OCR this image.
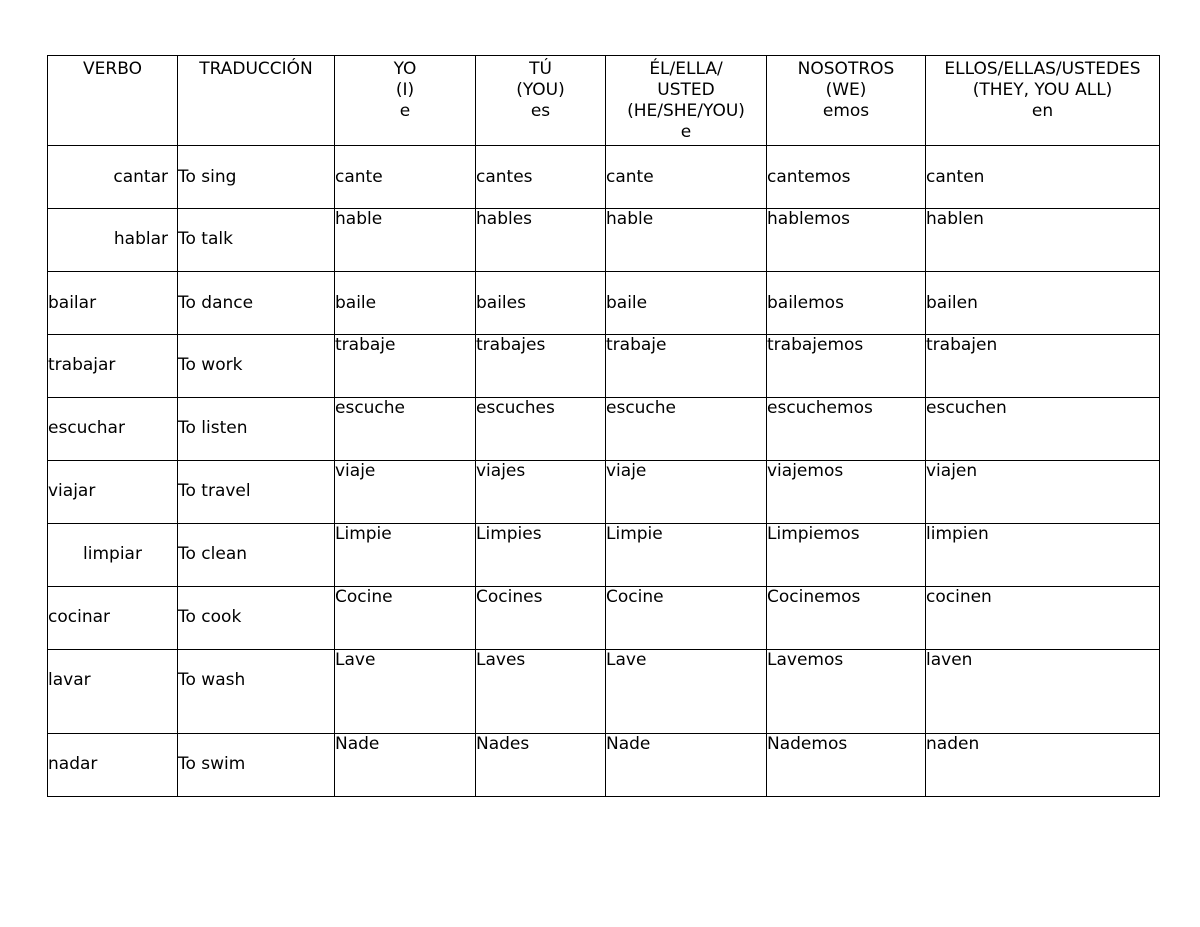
VERBO	TRADUCCIÓN	YO
(I)
e	TÚ
(YOU)
es	ÉL/ELLA/
USTED
(HE/SHE/YOU)
e	NOSOTROS
(WE)
emos	ELLOS/ELLAS/USTEDES
(THEY, YOU ALL)
en

cantar	To sing	cante	cantes	cante	cantemos	canten

hablar	To talk	hable	hables	hable	hablemos	hablen
bailar	To dance	baile	bailes	baile	bailemos	bailen

trabajar	To work	trabaje	trabajes	trabaje	trabajemos	trabajen

escuchar	To listen	escuche	escuches	escuche	escuchemos	escuchen

viajar	To travel	viaje	viajes	viaje	viajemos	viajen

limpiar	To clean	Limpie	Limpies	Limpie	Limpiemos	limpien

cocinar	To cook	Cocine	Cocines	Cocine	Cocinemos	cocinen

lavar	To wash	Lave	Laves	Lave	Lavemos	laven

nadar	To swim	Nade	Nades	Nade	Nademos	naden
